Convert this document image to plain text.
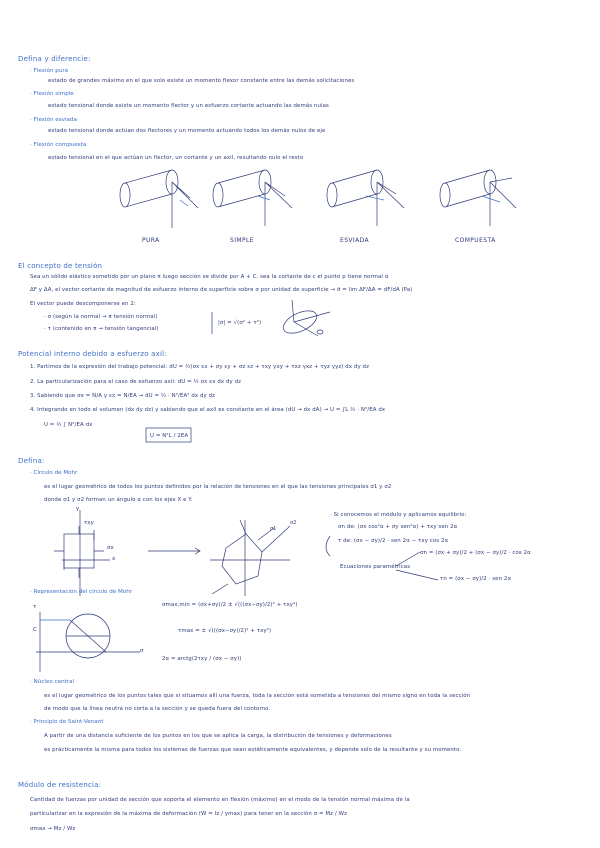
Defina y diferencie:
· Flexión pura
estado de grandes máximo en el que solo existe un momento flexor constante entre las demás solicitaciones
· Flexión simple
estado tensional donde existe un momento flector y un esfuerzo cortante actuando las demás nulas
· Flexión esviada
estado tensional donde actúan dos flectores y un momento actuando todos los demás nulos de eje
· Flexión compuesta
estado tensional en el que actúan un flector, un cortante y un axil, resultando nulo el resto
PURA	SIMPLE	ESVIADA	COMPUESTA
El concepto de tensión
Sea un sólido elástico sometido por un plano π luego sección se divide por A + C. sea la cortante de c el punto p tiene normal α
ΔF y ΔA, el vector cortante de magnitud de esfuerzo interno de superficie sobre σ por unidad de superficie → σ̄ = lim ΔF/ΔA = dF/dA (Pa)
El vector puede descomponerse en 2:
· σ (según la normal → π tensión normal)
· τ (contenido en π → tensión tangencial)
|σ| = √(σ² + τ²)
Potencial interno debido a esfuerzo axil:
1. Partimos de la expresión del trabajo potencial: dU = ½(σx εx + σy εy + σz εz + τxy γxy + τxz γxz + τyz γyz) dx dy dz
2. La particularización para el caso de esfuerzo axil: dU = ½ σx εx dx dy dz
3. Sabiendo que σx = N/A y εx = N/EA → dU = ½ · N²/EA² dx dy dz
4. Integrando en todo el volumen (dx dy dz) y sabiendo que el axil es constante en el área (dU → dx dA) → U = ∫L ½ · N²/EA dx
U = ½ ∫ N²/EA dx
U = N²L / 2EA
Defina:
· Círculo de Mohr
es el lugar geométrico de todos los puntos definidos por la relación de tensiones en el que las tensiones principales σ1 y σ2
donde σ1 y σ2 forman un ángulo α con los ejes X e Y.
σ1
σ2
σx
τxy
x
y
· Si conocemos el módulo y aplicamos equilibrio:
σn de: (σx cos²α + σy sen²α) + τxy sen 2α
τ de: (σx − σy)/2 · sen 2α − τxy cos 2α
Ecuaciones paramétricas
σn = (σx + σy)/2 + (σx − σy)/2 · cos 2α
τn = (σx − σy)/2 · sen 2α
· Representación del círculo de Mohr
τ
σ
C
σmax,min = (σx+σy)/2 ± √(((σx−σy)/2)² + τxy²)
τmax = ± √(((σx−σy)/2)² + τxy²)
2α = arctg(2τxy / (σx − σy))
· Núcleo central
es el lugar geométrico de los puntos tales que si situamos allí una fuerza, toda la sección está sometida a tensiones del mismo signo en toda la sección
de modo que la línea neutra no corta a la sección y se queda fuera del contorno.
· Principio de Saint-Venant
A partir de una distancia suficiente de los puntos en los que se aplica la carga, la distribución de tensiones y deformaciones
es prácticamente la misma para todos los sistemas de fuerzas que sean estáticamente equivalentes, y depende solo de la resultante y su momento.
Módulo de resistencia:
Cantidad de fuerzas por unidad de sección que soporta el elemento en flexión (máximo) en el modo de la tensión normal máxima de la
particularizar en la expresión de la máxima de deformación (W = Iz / ymax) para tener en la sección σ = Mz / Wz
σmax → Mz / Wz
